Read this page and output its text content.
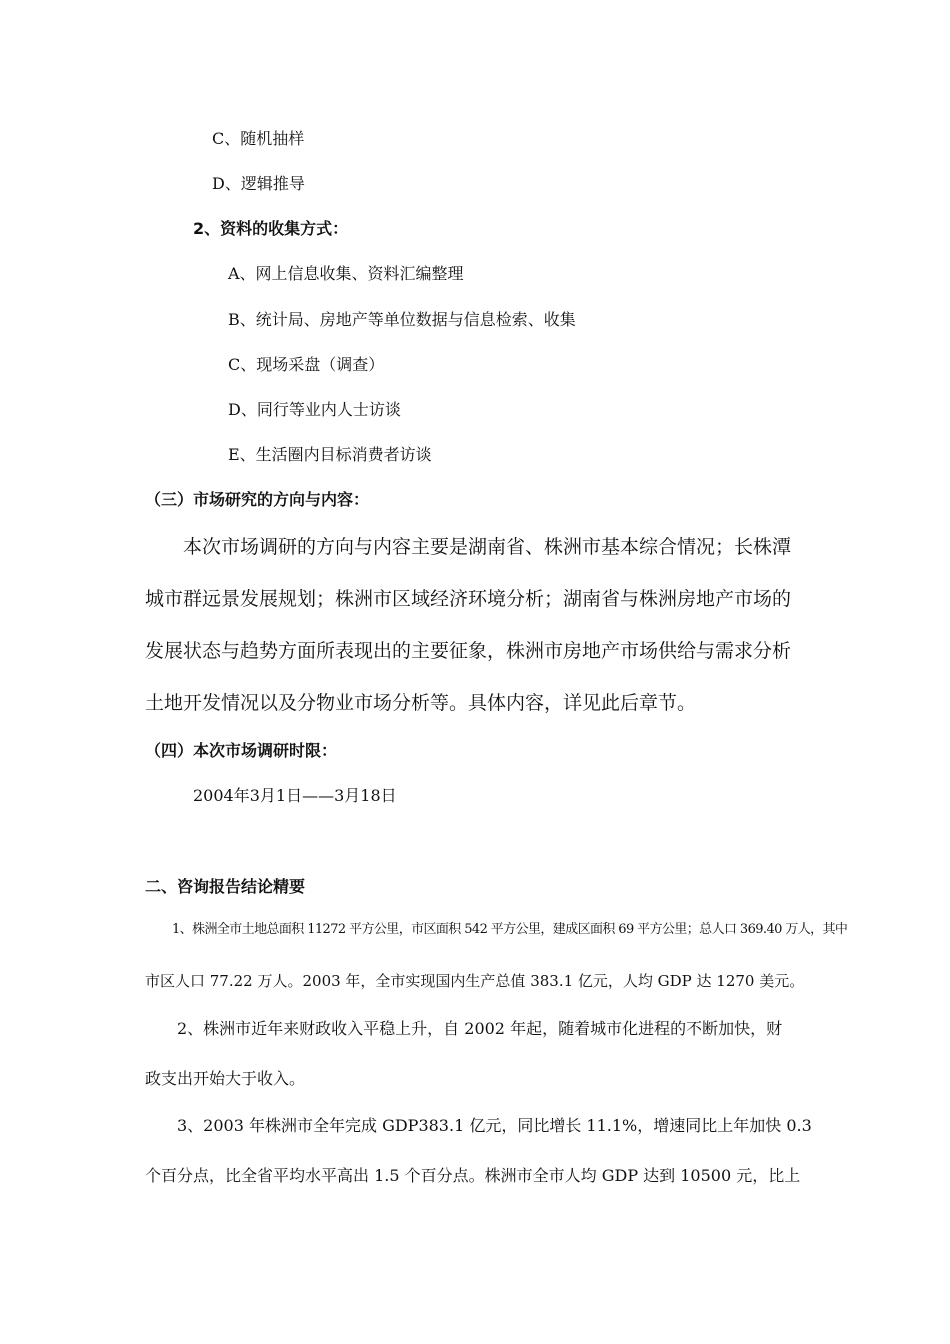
C、随机抽样
D、逻辑推导
2、资料的收集方式：
A、网上信息收集、资料汇编整理
B、统计局、房地产等单位数据与信息检索、收集
C、现场采盘（调查）
D、同行等业内人士访谈
E、生活圈内目标消费者访谈
（三）市场研究的方向与内容：
本次市场调研的方向与内容主要是湖南省、株洲市基本综合情况；长株潭
城市群远景发展规划；株洲市区域经济环境分析；湖南省与株洲房地产市场的
发展状态与趋势方面所表现出的主要征象，株洲市房地产市场供给与需求分析
土地开发情况以及分物业市场分析等。具体内容，详见此后章节。
（四）本次市场调研时限：
2004年3月1日——3月18日
二、咨询报告结论精要
1、株洲全市土地总面积 11272 平方公里，市区面积 542 平方公里，建成区面积 69 平方公里；总人口 369.40 万人，其中
市区人口 77.22 万人。2003 年，全市实现国内生产总值 383.1 亿元，人均 GDP 达 1270 美元。
2、株洲市近年来财政收入平稳上升，自 2002 年起，随着城市化进程的不断加快，财
政支出开始大于收入。
3、2003 年株洲市全年完成 GDP383.1 亿元，同比增长 11.1%，增速同比上年加快 0.3
个百分点，比全省平均水平高出 1.5 个百分点。株洲市全市人均 GDP 达到 10500 元，比上
